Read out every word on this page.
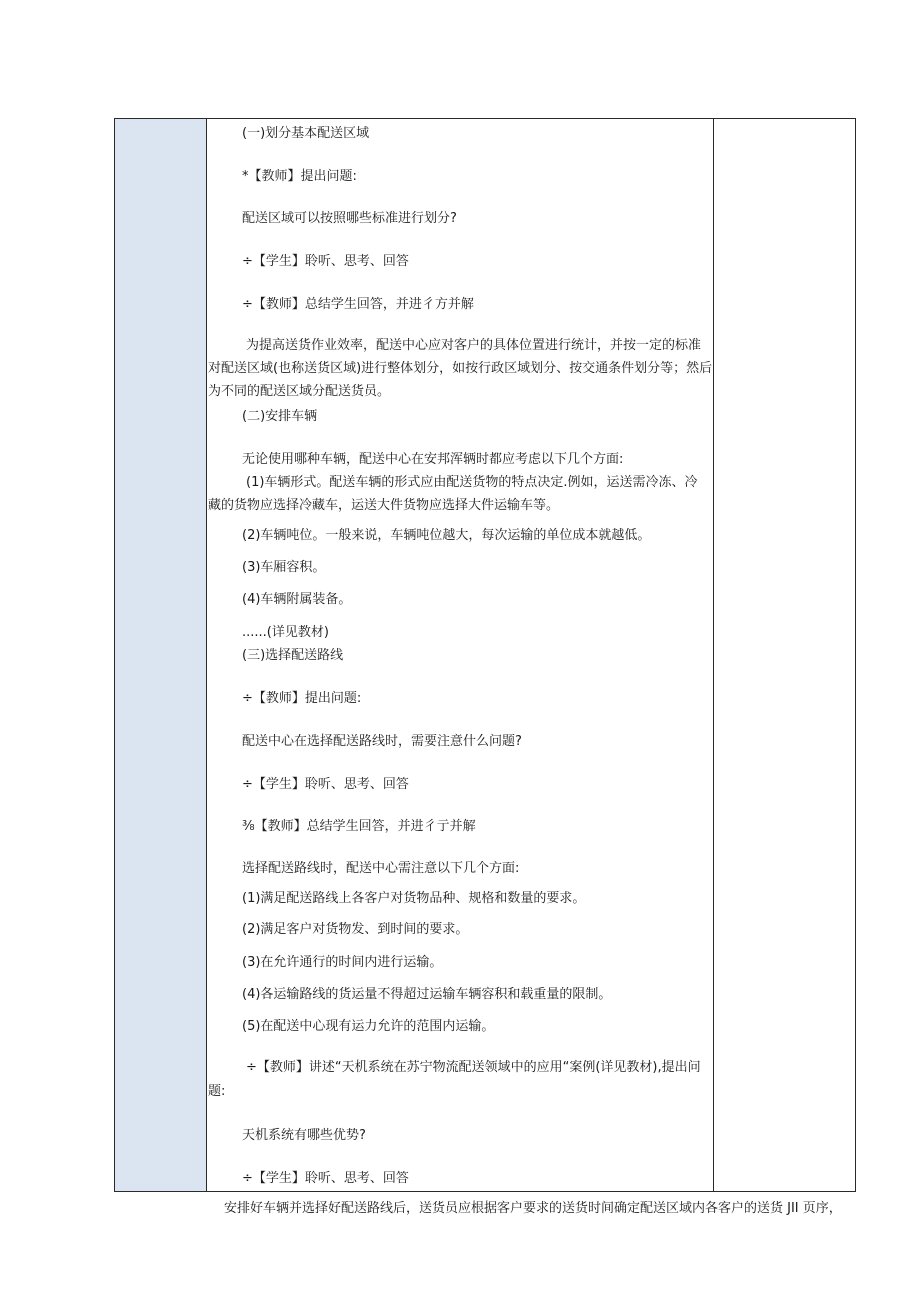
(一)划分基本配送区域
*【教师】提出问题:
配送区域可以按照哪些标准进行划分?
÷【学生】聆听、思考、回答
÷【教师】总结学生回答，并进彳方并解
为提高送货作业效率，配送中心应对客户的具体位置进行统计，并按一定的标准
对配送区域(也称送货区域)进行整体划分，如按行政区域划分、按交通条件划分等；然后
为不同的配送区域分配送货员。
(二)安排车辆
无论使用哪种车辆，配送中心在安邦浑辆时都应考虑以下几个方面:
(1)车辆形式。配送车辆的形式应由配送货物的特点决定.例如，运送需冷冻、冷
藏的货物应选择冷藏车，运送大件货物应选择大件运输车等。
(2)车辆吨位。一般来说，车辆吨位越大，每次运输的单位成本就越低。
(3)车厢容积。
(4)车辆附属装备。
......(详见教材)
(三)选择配送路线
÷【教师】提出问题:
配送中心在选择配送路线时，需要注意什么问题?
÷【学生】聆听、思考、回答
⅜【教师】总结学生回答，并进彳亍并解
选择配送路线时，配送中心需注意以下几个方面:
(1)满足配送路线上各客户对货物品种、规格和数量的要求。
(2)满足客户对货物发、到时间的要求。
(3)在允许通行的时间内进行运输。
(4)各运输路线的货运量不得超过运输车辆容积和载重量的限制。
(5)在配送中心现有运力允许的范围内运输。
÷【教师】讲述“天机系统在苏宁物流配送领域中的应用“案例(详见教材),提出问
题:
天机系统有哪些优势?
÷【学生】聆听、思考、回答
安排好车辆并选择好配送路线后，送货员应根据客户要求的送货时间确定配送区域内各客户的送货 JII 页序，
